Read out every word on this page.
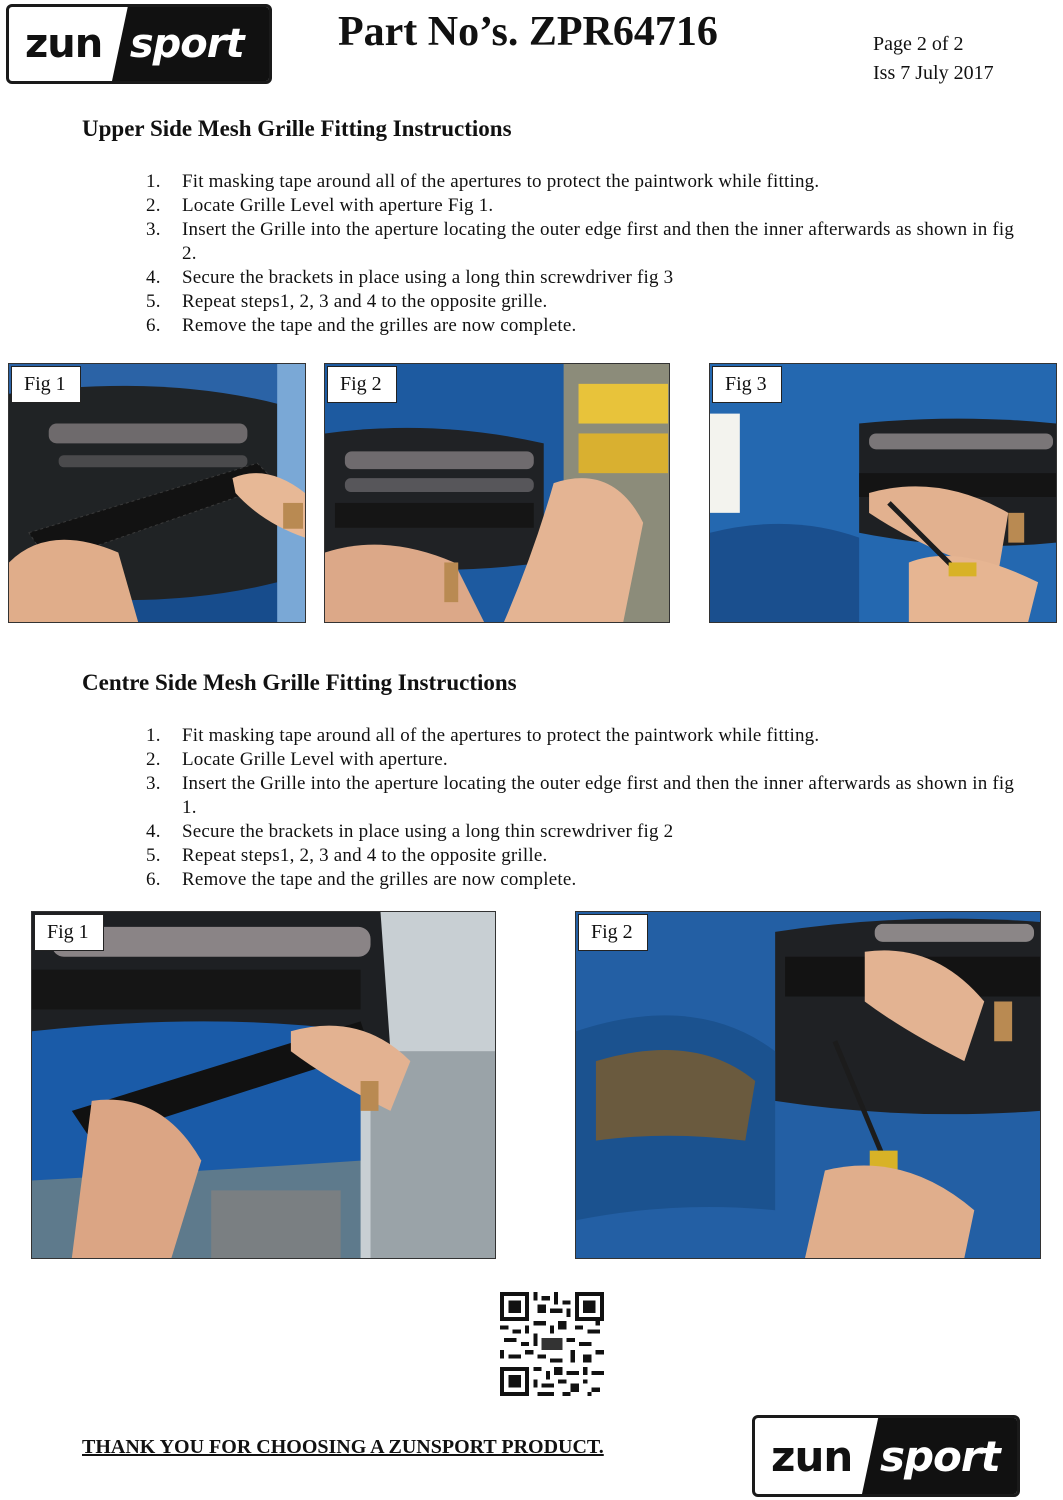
zun sport Part No’s. ZPR64716	Page 2 of 2
Iss 7 July 2017
Upper Side Mesh Grille Fitting Instructions
1.	Fit masking tape around all of the apertures to protect the paintwork while fitting.
2.	Locate Grille Level with aperture Fig 1.
3.	Insert the Grille into the aperture locating the outer edge first and then the inner afterwards as shown in fig 2.
4.	Secure the brackets in place using a long thin screwdriver fig 3
5.	Repeat steps1, 2, 3 and 4 to the opposite grille.
6.	Remove the tape and the grilles are now complete.
Fig 1	Fig 2	Fig 3
Centre Side Mesh Grille Fitting Instructions
1.	Fit masking tape around all of the apertures to protect the paintwork while fitting.
2.	Locate Grille Level with aperture.
3.	Insert the Grille into the aperture locating the outer edge first and then the inner afterwards as shown in fig 1.
4.	Secure the brackets in place using a long thin screwdriver fig 2
5.	Repeat steps1, 2, 3 and 4 to the opposite grille.
6.	Remove the tape and the grilles are now complete.
Fig 1	Fig 2
THANK YOU FOR CHOOSING A ZUNSPORT PRODUCT.	zun sport
